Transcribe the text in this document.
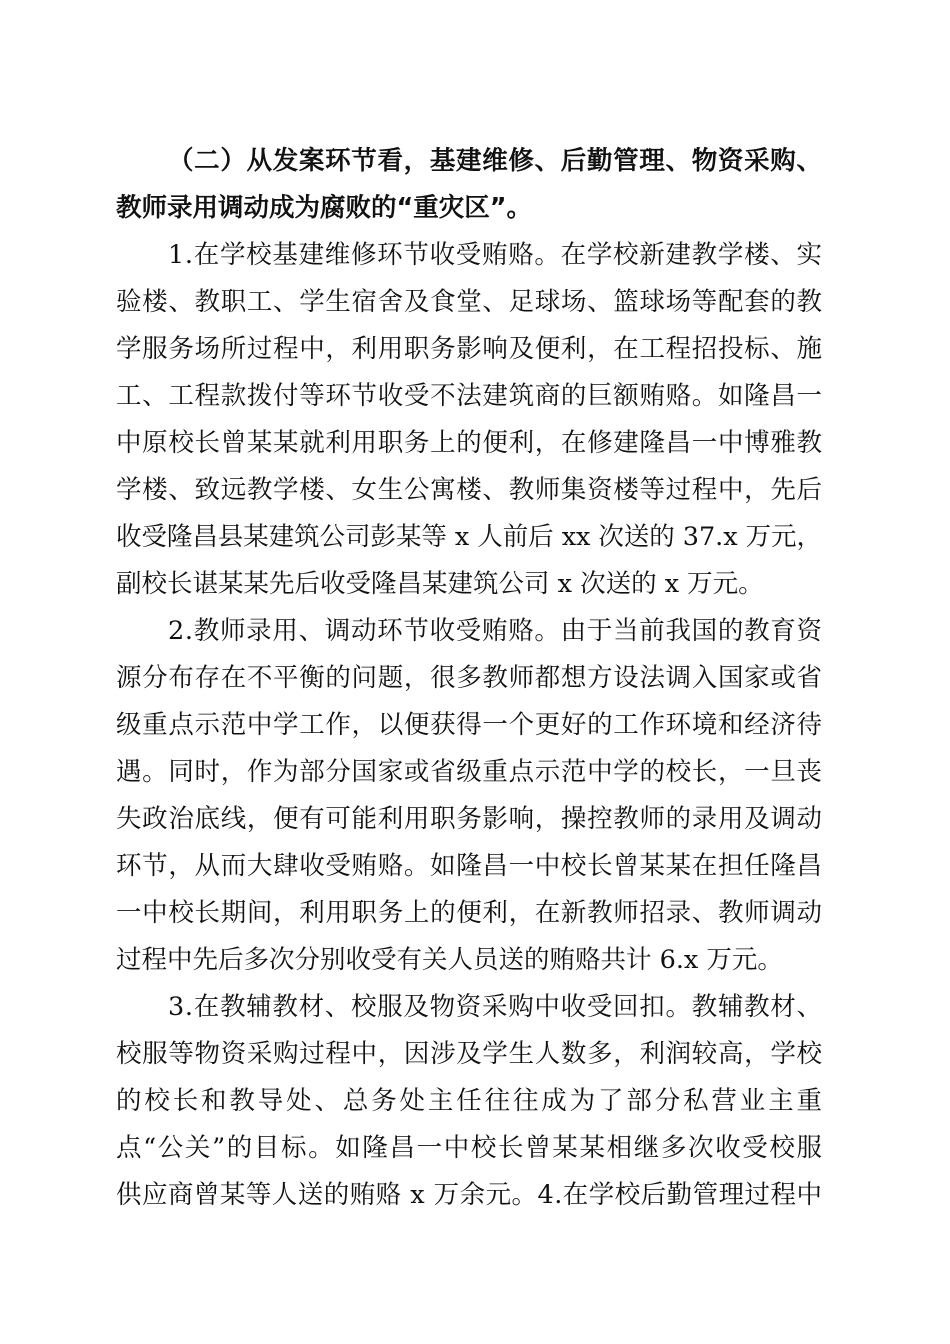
（二）从发案环节看，基建维修、后勤管理、物资采购、
教师录用调动成为腐败的“重灾区”。
1.在学校基建维修环节收受贿赂。在学校新建教学楼、实
验楼、教职工、学生宿舍及食堂、足球场、篮球场等配套的教
学服务场所过程中，利用职务影响及便利，在工程招投标、施
工、工程款拨付等环节收受不法建筑商的巨额贿赂。如隆昌一
中原校长曾某某就利用职务上的便利，在修建隆昌一中博雅教
学楼、致远教学楼、女生公寓楼、教师集资楼等过程中，先后
收受隆昌县某建筑公司彭某等 x 人前后 xx 次送的 37.x 万元，
副校长谌某某先后收受隆昌某建筑公司 x 次送的 x 万元。
2.教师录用、调动环节收受贿赂。由于当前我国的教育资
源分布存在不平衡的问题，很多教师都想方设法调入国家或省
级重点示范中学工作，以便获得一个更好的工作环境和经济待
遇。同时，作为部分国家或省级重点示范中学的校长，一旦丧
失政治底线，便有可能利用职务影响，操控教师的录用及调动
环节，从而大肆收受贿赂。如隆昌一中校长曾某某在担任隆昌
一中校长期间，利用职务上的便利，在新教师招录、教师调动
过程中先后多次分别收受有关人员送的贿赂共计 6.x 万元。
3.在教辅教材、校服及物资采购中收受回扣。教辅教材、
校服等物资采购过程中，因涉及学生人数多，利润较高，学校
的校长和教导处、总务处主任往往成为了部分私营业主重
点“公关”的目标。如隆昌一中校长曾某某相继多次收受校服
供应商曾某等人送的贿赂 x 万余元。4.在学校后勤管理过程中
